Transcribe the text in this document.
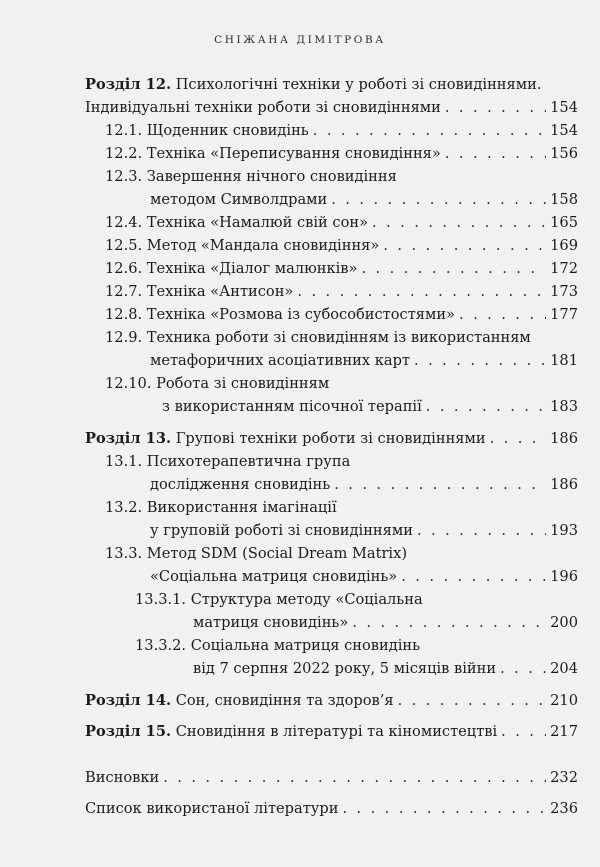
СНІЖАНА ДІМІТРОВА
Розділ 12. Психологічні техніки у роботі зі сновидіннями.
Індивідуальні техніки роботи зі сновидіннями . . .	154
12.1. Щоденник сновидінь . . .	154
12.2. Техніка «Переписування сновидіння» . . .	156
12.3. Завершення нічного сновидіння
методом Символдрами . . .	158
12.4. Техніка «Намалюй свій сон» . . .	165
12.5. Метод «Мандала сновидіння» . . .	169
12.6. Техніка «Діалог малюнків» . . .	172
12.7. Техніка «Антисон» . . .	173
12.8. Техніка «Розмова із субособистостями» . . .	177
12.9. Техника роботи зі сновидінням із використанням
метафоричних асоціативних карт . . .	181
12.10. Робота зі сновидінням
з використанням пісочної терапії . . .	183
Розділ 13. Групові техніки роботи зі сновидіннями . . .	186
13.1. Психотерапевтична група
дослідження сновидінь . . .	186
13.2. Використання імагінації
у груповій роботі зі сновидіннями . . .	193
13.3. Метод SDM (Social Dream Matrix)
«Соціальна матриця сновидінь» . . .	196
13.3.1. Структура методу «Соціальна
матриця сновидінь» . . .	200
13.3.2. Соціальна матриця сновидінь
від 7 серпня 2022 року, 5 місяців війни . . .	204
Розділ 14. Сон, сновидіння та здоров’я . . .	210
Розділ 15. Сновидіння в літературі та кіномистецтві . . .	217
Висновки . . .	232
Список використаної літератури . . .	236
